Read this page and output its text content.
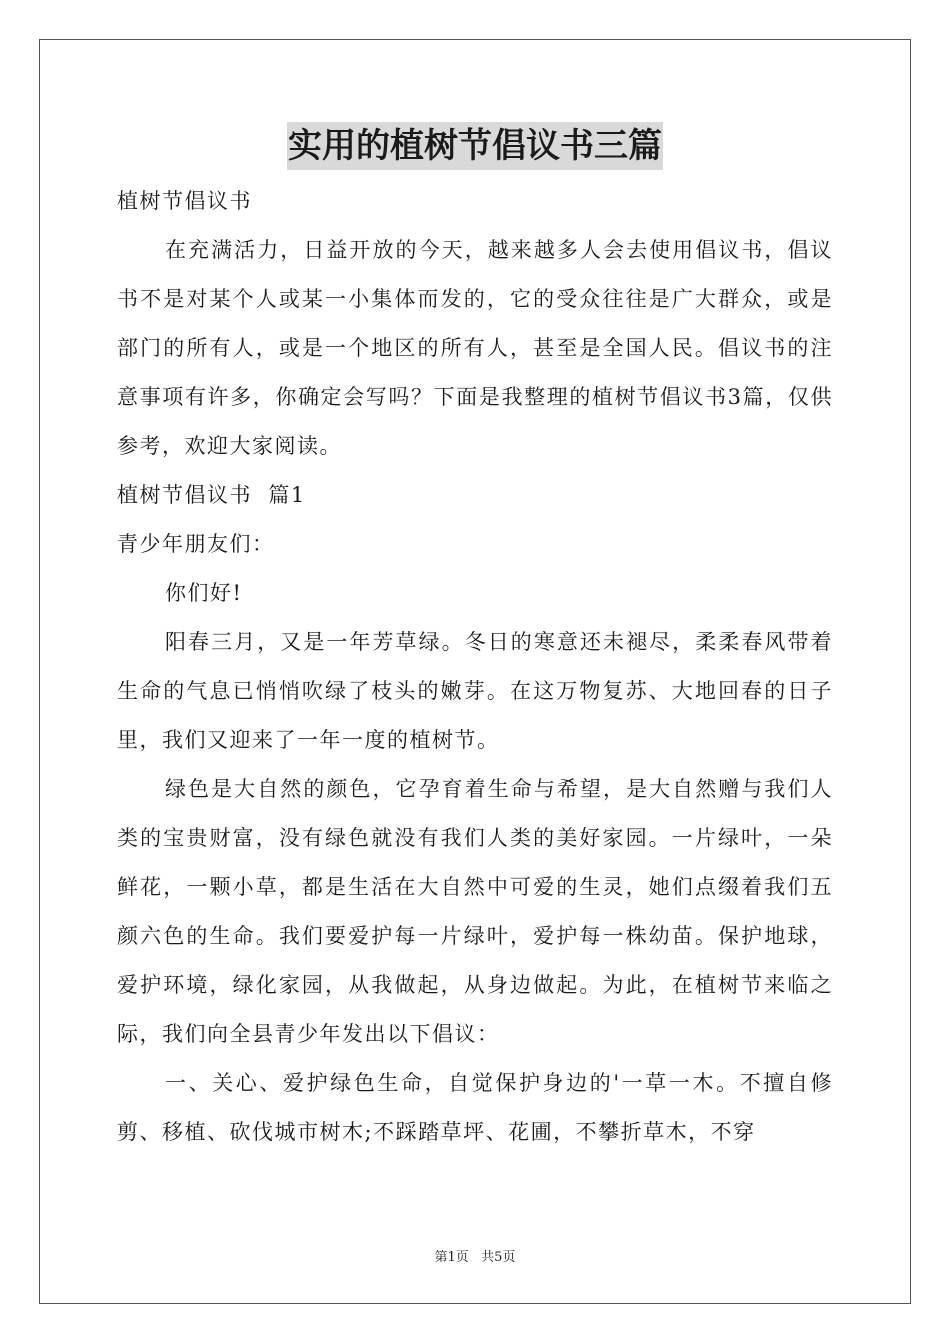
实用的植树节倡议书三篇
植树节倡议书

在充满活力，日益开放的今天，越来越多人会去使用倡议书，倡议书不是对某个人或某一小集体而发的，它的受众往往是广大群众，或是部门的所有人，或是一个地区的所有人，甚至是全国人民。倡议书的注意事项有许多，你确定会写吗？下面是我整理的植树节倡议书3篇，仅供参考，欢迎大家阅读。

植树节倡议书  篇1
青少年朋友们：

你们好!

阳春三月，又是一年芳草绿。冬日的寒意还未褪尽，柔柔春风带着生命的气息已悄悄吹绿了枝头的嫩芽。在这万物复苏、大地回春的日子里，我们又迎来了一年一度的植树节。

绿色是大自然的颜色，它孕育着生命与希望，是大自然赠与我们人类的宝贵财富，没有绿色就没有我们人类的美好家园。一片绿叶，一朵鲜花，一颗小草，都是生活在大自然中可爱的生灵，她们点缀着我们五颜六色的生命。我们要爱护每一片绿叶，爱护每一株幼苗。保护地球，爱护环境，绿化家园，从我做起，从身边做起。为此，在植树节来临之际，我们向全县青少年发出以下倡议：

一、关心、爱护绿色生命，自觉保护身边的'一草一木。不擅自修剪、移植、砍伐城市树木;不踩踏草坪、花圃，不攀折草木，不穿

第1页   共5页
